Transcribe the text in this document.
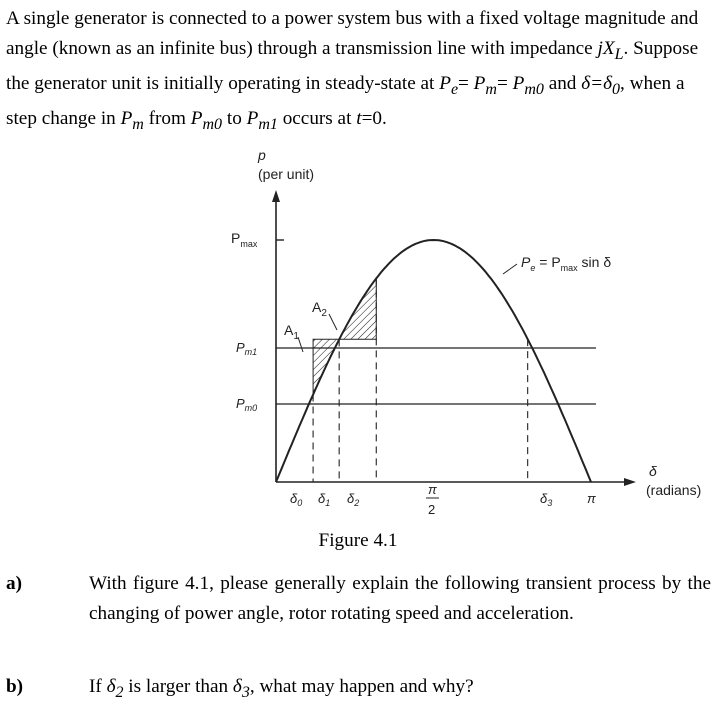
A single generator is connected to a power system bus with a fixed voltage magnitude and angle (known as an infinite bus) through a transmission line with impedance $jX_L$. Suppose the generator unit is initially operating in steady-state at $P_e= P_m= P_{m0}$ and $\delta=\delta_0$, when a step change in $P_m$ from $P_{m0}$ to $P_{m1}$ occurs at t=0.
p
(per unit)
$P_{max}$
$P_{m1}$
$P_{m0}$
$A_1$
$A_2$
$P_e = P_{max}$ sin δ
$\delta_0$ $\delta_1$ $\delta_2$
π
2
$\delta_3$	π
δ
(radians)
Figure 4.1
a)	With figure 4.1, please generally explain the following transient process by the changing of power angle, rotor rotating speed and acceleration.
b)	If $\delta_2$ is larger than $\delta_3$, what may happen and why?
